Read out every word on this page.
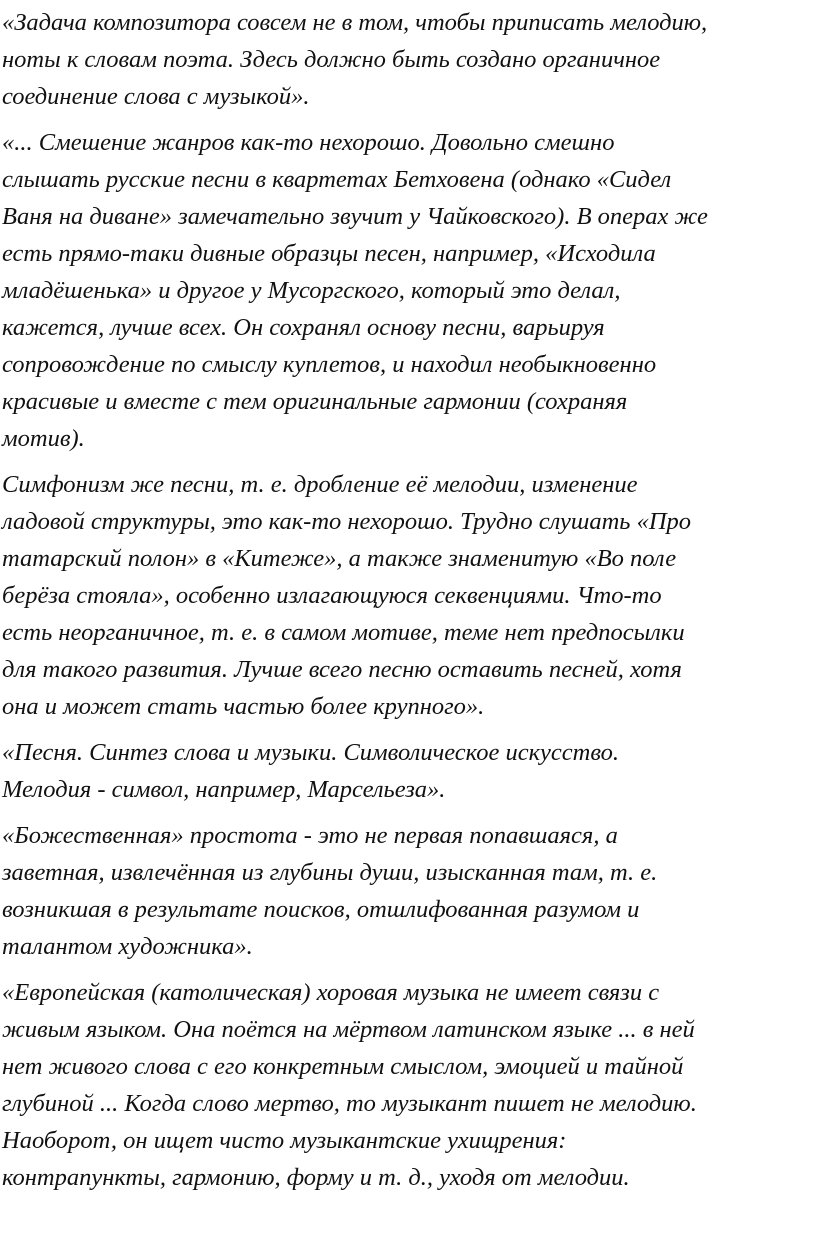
«Задача композитора совсем не в том, чтобы приписать мелодию,
ноты к словам поэта. Здесь должно быть создано органичное
соединение слова с музыкой».
«... Смешение жанров как-то нехорошо. Довольно смешно
слышать русские песни в квартетах Бетховена (однако «Сидел
Ваня на диване» замечательно звучит у Чайковского). В операх же
есть прямо-таки дивные образцы песен, например, «Исходила
младёшенька» и другое у Мусоргского, который это делал,
кажется, лучше всех. Он сохранял основу песни, варьируя
сопровождение по смыслу куплетов, и находил необыкновенно
красивые и вместе с тем оригинальные гармонии (сохраняя
мотив).
Симфонизм же песни, т. е. дробление её мелодии, изменение
ладовой структуры, это как-то нехорошо. Трудно слушать «Про
татарский полон» в «Китеже», а также знаменитую «Во поле
берёза стояла», особенно излагающуюся секвенциями. Что-то
есть неорганичное, т. е. в самом мотиве, теме нет предпосылки
для такого развития. Лучше всего песню оставить песней, хотя
она и может стать частью более крупного».
«Песня. Синтез слова и музыки. Символическое искусство.
Мелодия - символ, например, Марсельеза».
«Божественная» простота - это не первая попавшаяся, а
заветная, извлечённая из глубины души, изысканная там, т. е.
возникшая в результате поисков, отшлифованная разумом и
талантом художника».
«Европейская (католическая) хоровая музыка не имеет связи с
живым языком. Она поётся на мёртвом латинском языке ... в ней
нет живого слова с его конкретным смыслом, эмоцией и тайной
глубиной ... Когда слово мертво, то музыкант пишет не мелодию.
Наоборот, он ищет чисто музыкантские ухищрения:
контрапункты, гармонию, форму и т. д., уходя от мелодии.
